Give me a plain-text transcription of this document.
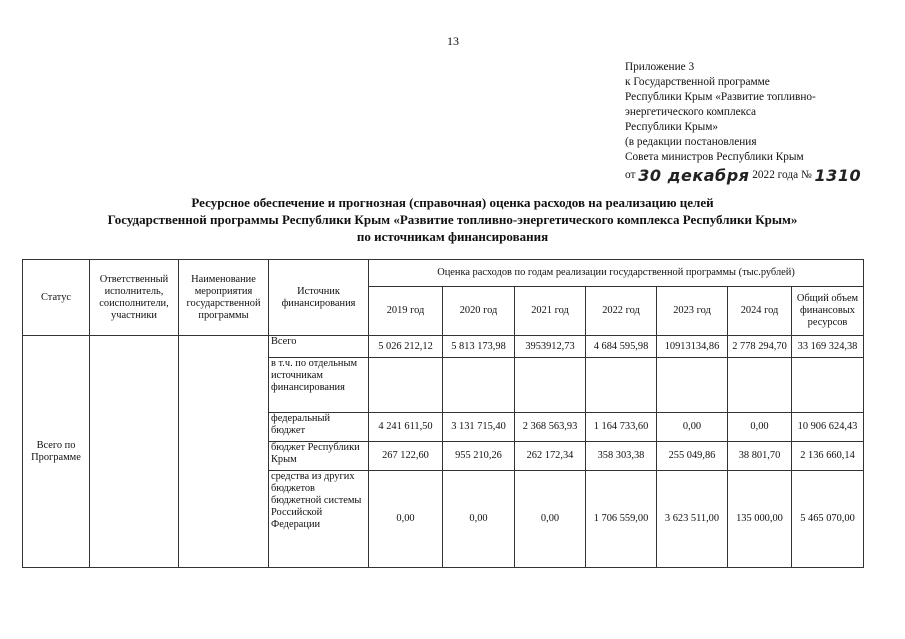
13
Приложение 3
к Государственной программе
Республики Крым «Развитие топливно-
энергетического комплекса
Республики Крым»
(в редакции постановления
Совета министров Республики Крым
от 30 декабря 2022 года № 1310
Ресурсное обеспечение и прогнозная (справочная) оценка расходов на реализацию целей
Государственной программы Республики Крым «Развитие топливно-энергетического комплекса Республики Крым»
по источникам финансирования
Статус	Ответственный исполнитель, соисполнители, участники	Наименование мероприятия государственной программы	Источник финансирования	Оценка расходов по годам реализации государственной программы (тыс.рублей)						
				2019 год	2020 год	2021 год	2022 год	2023 год	2024 год	Общий объем финансовых ресурсов
Всего по Программе			Всего	5 026 212,12	5 813 173,98	3953912,73	4 684 595,98	10913134,86	2 778 294,70	33 169 324,38
			в т.ч. по отдельным источникам финансирования							
			федеральный бюджет	4 241 611,50	3 131 715,40	2 368 563,93	1 164 733,60	0,00	0,00	10 906 624,43
			бюджет Республики Крым	267 122,60	955 210,26	262 172,34	358 303,38	255 049,86	38 801,70	2 136 660,14
			средства из других бюджетов бюджетной системы Российской Федерации	0,00	0,00	0,00	1 706 559,00	3 623 511,00	135 000,00	5 465 070,00
